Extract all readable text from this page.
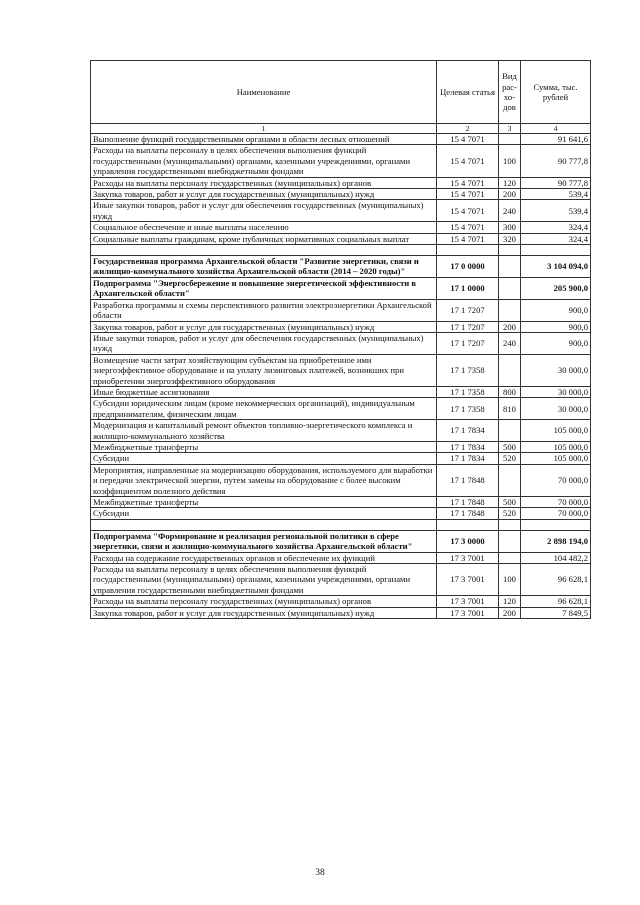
Наименование	Целевая статья	Вид рас- хо- дов	Сумма, тыс. рублей
1	2	3	4
Выполнение функций государственными органами в области лесных отношений	15 4 7071		91 641,6
Расходы на выплаты персоналу в целях обеспечения выполнения функций государственными (муниципальными) органами, казенными учреждениями, органами управления государственными внебюджетными фондами	15 4 7071	100	90 777,8
Расходы на выплаты персоналу государственных (муниципальных) органов	15 4 7071	120	90 777,8
Закупка товаров, работ и услуг для государственных (муниципальных) нужд	15 4 7071	200	539,4
Иные закупки товаров, работ и услуг для обеспечения государственных (муниципальных) нужд	15 4 7071	240	539,4
Социальное обеспечение и иные выплаты населению	15 4 7071	300	324,4
Социальные выплаты гражданам, кроме публичных нормативных социальных выплат	15 4 7071	320	324,4

Государственная программа Архангельской области "Развитие энергетики, связи и жилищно-коммунального хозяйства Архангельской области (2014 – 2020 годы)"	17 0 0000		3 104 094,0
Подпрограмма "Энергосбережение и повышение энергетической эффективности в Архангельской области"	17 1 0000		205 900,0
Разработка программы и схемы перспективного развития электроэнергетики Архангельской области	17 1 7207		900,0
Закупка товаров, работ и услуг для государственных (муниципальных) нужд	17 1 7207	200	900,0
Иные закупки товаров, работ и услуг для обеспечения государственных (муниципальных) нужд	17 1 7207	240	900,0
Возмещение части затрат хозяйствующим субъектам на приобретенное ими энергоэффективное оборудование и на уплату лизинговых платежей, возникших при приобретении энергоэффективного оборудования	17 1 7358		30 000,0
Иные бюджетные ассигнования	17 1 7358	800	30 000,0
Субсидии юридическим лицам (кроме некоммерческих организаций), индивидуальным предпринимателям, физическим лицам	17 1 7358	810	30 000,0
Модернизация и капитальный ремонт объектов топливно-энергетического комплекса и жилищно-коммунального хозяйства	17 1 7834		105 000,0
Межбюджетные трансферты	17 1 7834	500	105 000,0
Субсидии	17 1 7834	520	105 000,0
Мероприятия, направленные на модернизацию оборудования, используемого для выработки и передачи электрической энергии, путем замены на оборудование с более высоким коэффициентом полезного действия	17 1 7848		70 000,0
Межбюджетные трансферты	17 1 7848	500	70 000,0
Субсидии	17 1 7848	520	70 000,0

Подпрограмма "Формирование и реализация региональной политики в сфере энергетики, связи и жилищно-коммунального хозяйства Архангельской области"	17 3 0000		2 898 194,0
Расходы на содержание государственных органов и обеспечение их функций	17 3 7001		104 482,2
Расходы на выплаты персоналу в целях обеспечения выполнения функций государственными (муниципальными) органами, казенными учреждениями, органами управления государственными внебюджетными фондами	17 3 7001	100	96 628,1
Расходы на выплаты персоналу государственных (муниципальных) органов	17 3 7001	120	96 628,1
Закупка товаров, работ и услуг для государственных (муниципальных) нужд	17 3 7001	200	7 849,5
38
